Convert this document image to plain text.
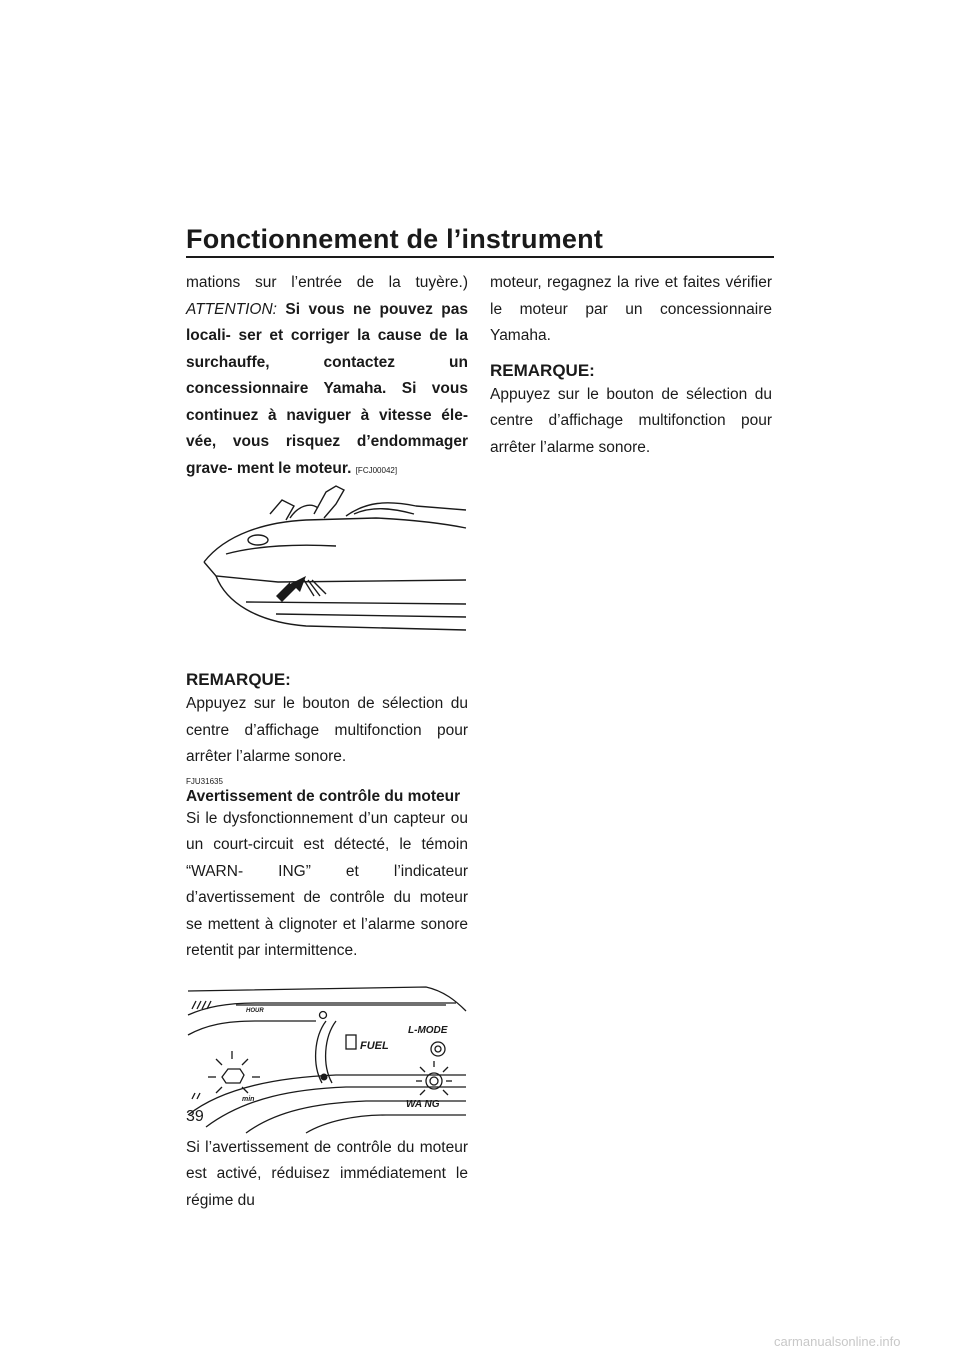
Fonctionnement de l’instrument

mations sur l’entrée de la tuyère.)

ATTENTION: Si vous ne pouvez pas locali- ser et corriger la cause de la surchauffe, contactez un concessionnaire Yamaha. Si vous continuez à naviguer à vitesse éle- vée, vous risquez d’endommager grave- ment le moteur. [FCJ00042]

REMARQUE:

Appuyez sur le bouton de sélection du centre d’affichage multifonction pour arrêter l’alarme sonore.

FJU31635

Avertissement de contrôle du moteur

Si le dysfonctionnement d’un capteur ou un court-circuit est détecté, le témoin “WARN- ING” et l’indicateur d’avertissement de contrôle du moteur se mettent à clignoter et l’alarme sonore retentit par intermittence.

HOUR
FUEL
L-MODE
WA NG
min

Si l’avertissement de contrôle du moteur est activé, réduisez immédiatement le régime du

moteur, regagnez la rive et faites vérifier le moteur par un concessionnaire Yamaha.

REMARQUE:

Appuyez sur le bouton de sélection du centre d’affichage multifonction pour arrêter l’alarme sonore.

39
carmanualsonline.info
